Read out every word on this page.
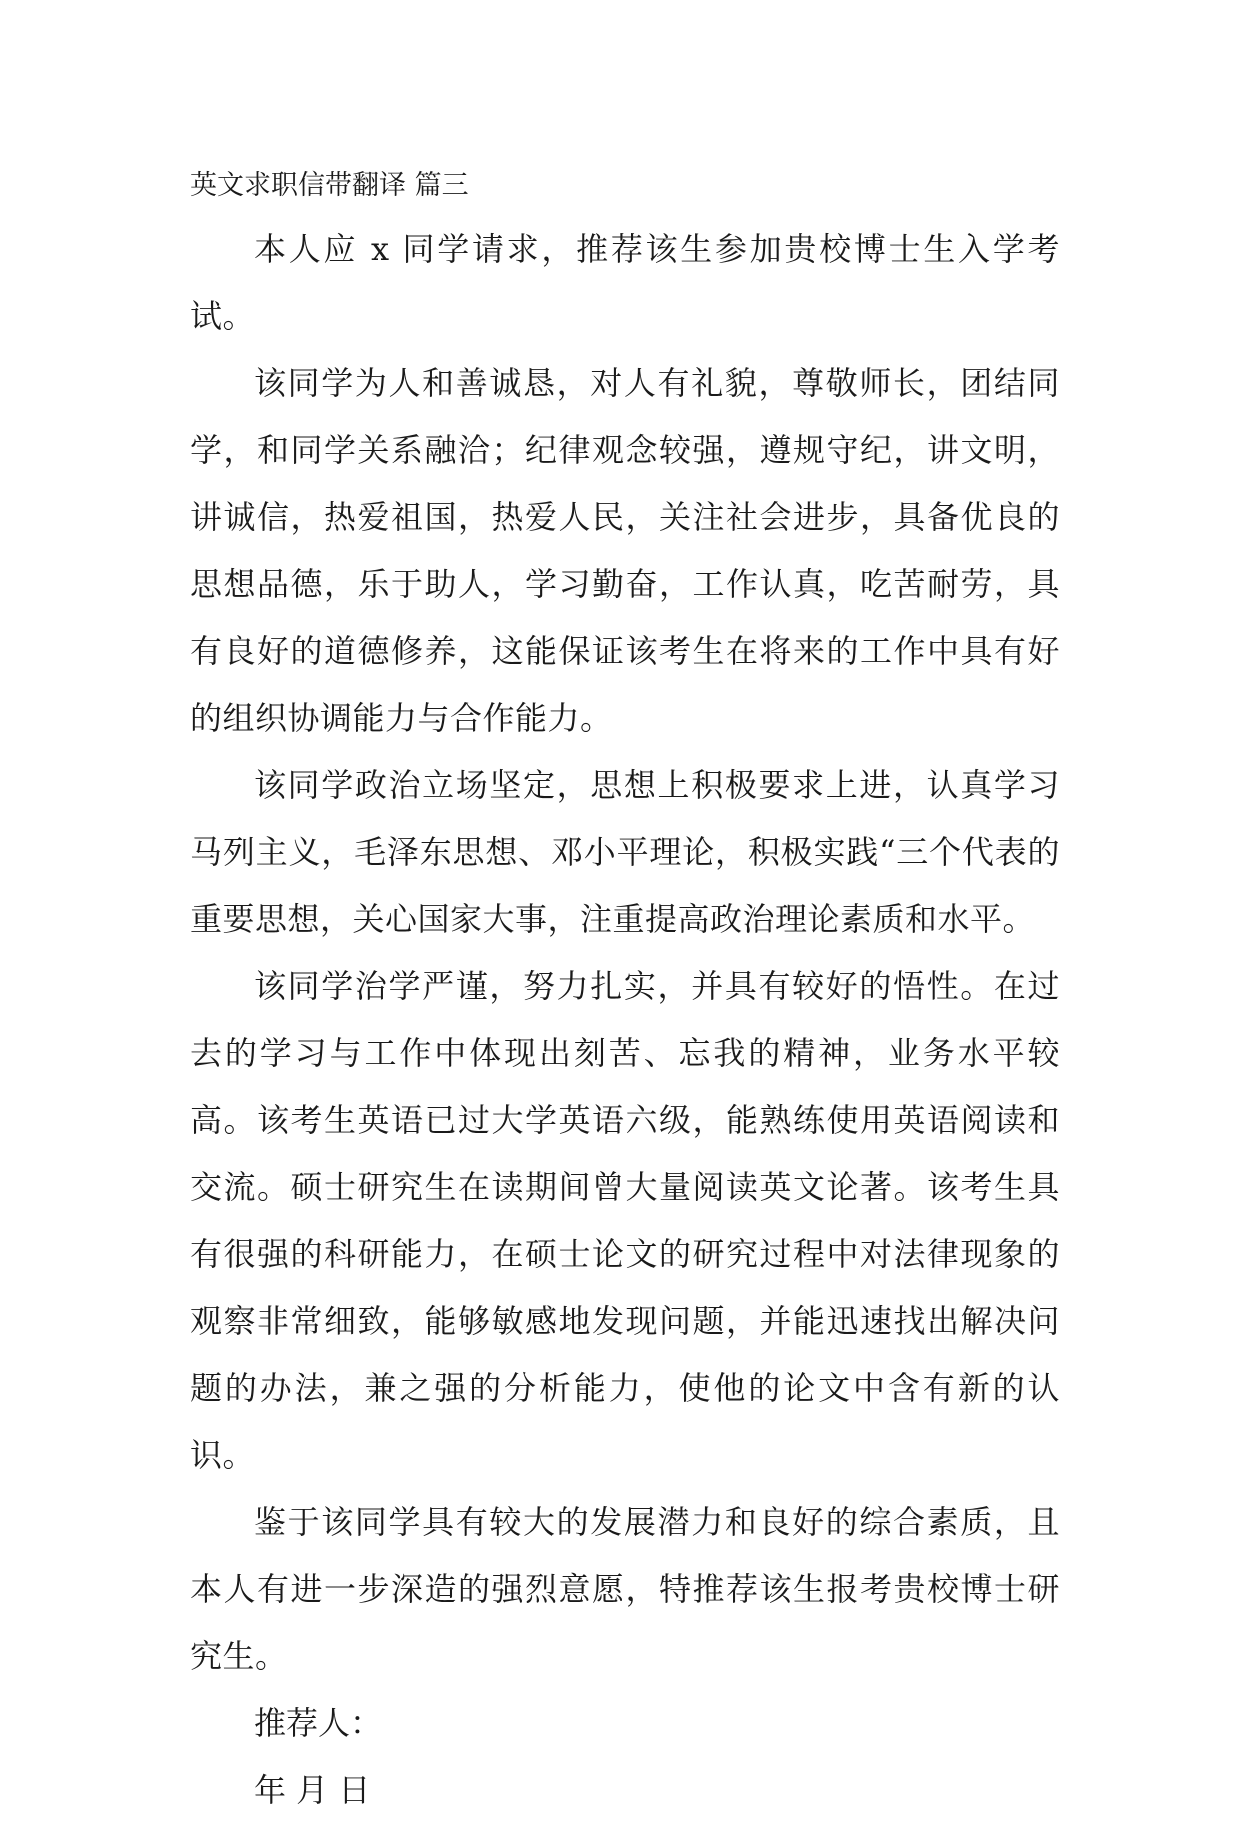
英文求职信带翻译 篇三

本人应 x 同学请求，推荐该生参加贵校博士生入学考试。

该同学为人和善诚恳，对人有礼貌，尊敬师长，团结同学，和同学关系融洽；纪律观念较强，遵规守纪，讲文明，讲诚信，热爱祖国，热爱人民，关注社会进步，具备优良的思想品德，乐于助人，学习勤奋，工作认真，吃苦耐劳，具有良好的道德修养，这能保证该考生在将来的工作中具有好的组织协调能力与合作能力。

该同学政治立场坚定，思想上积极要求上进，认真学习马列主义，毛泽东思想、邓小平理论，积极实践“三个代表的重要思想，关心国家大事，注重提高政治理论素质和水平。

该同学治学严谨，努力扎实，并具有较好的悟性。在过去的学习与工作中体现出刻苦、忘我的精神，业务水平较高。该考生英语已过大学英语六级，能熟练使用英语阅读和交流。硕士研究生在读期间曾大量阅读英文论著。该考生具有很强的科研能力，在硕士论文的研究过程中对法律现象的观察非常细致，能够敏感地发现问题，并能迅速找出解决问题的办法，兼之强的分析能力，使他的论文中含有新的认识。

鉴于该同学具有较大的发展潜力和良好的综合素质，且本人有进一步深造的强烈意愿，特推荐该生报考贵校博士研究生。

推荐人：

年 月 日
